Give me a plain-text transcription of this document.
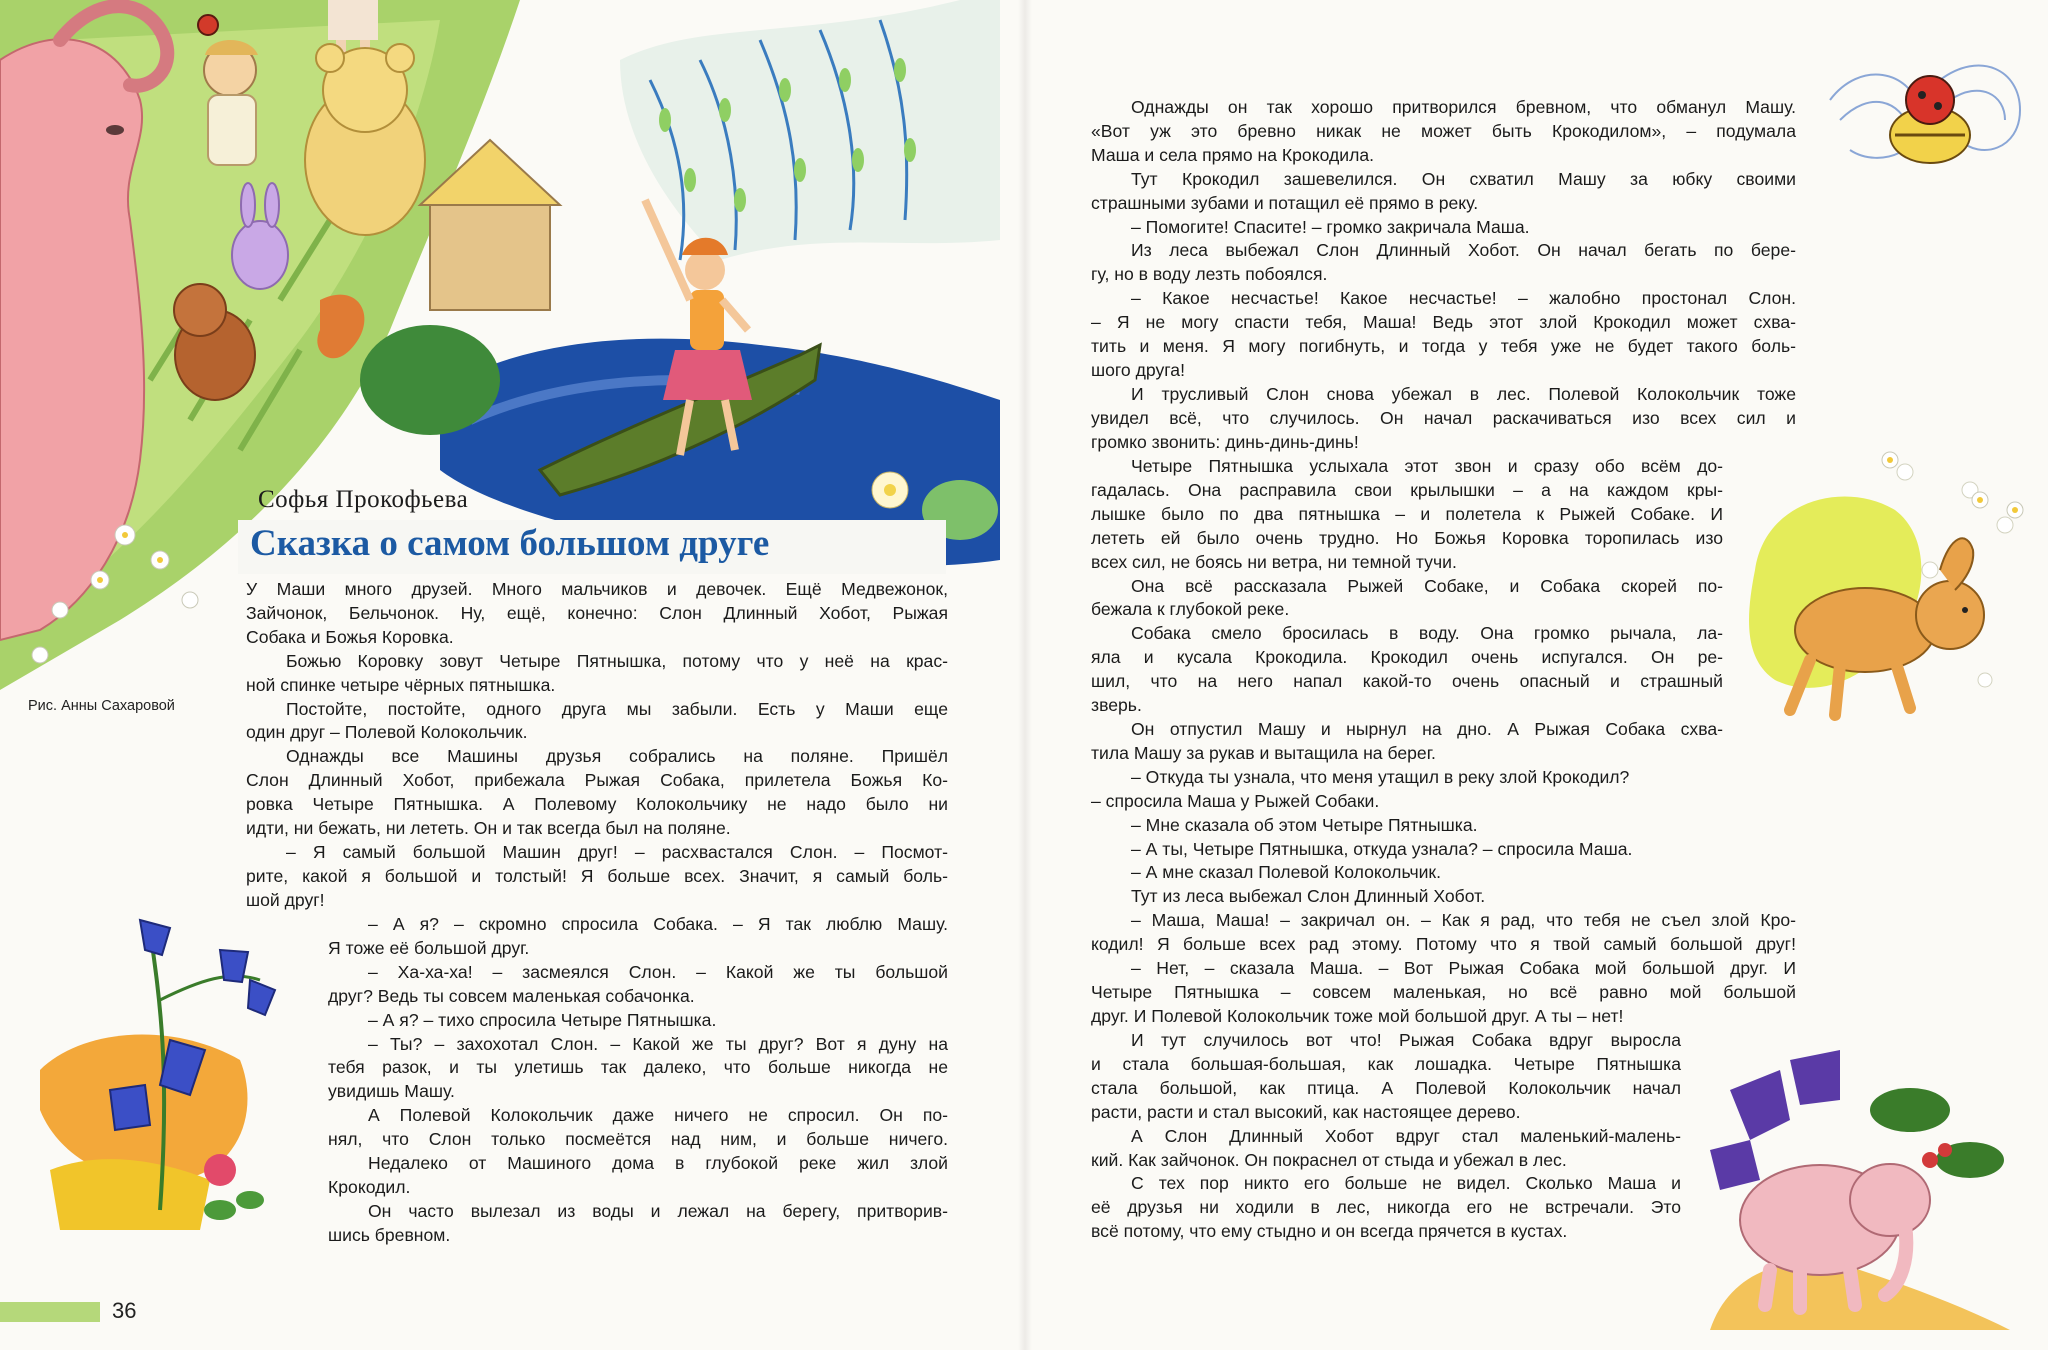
Софья Прокофьева
Сказка о самом большом друге
Рис. Анны Сахаровой

У Маши много друзей. Много мальчиков и девочек. Ещё Медвежонок,

Зайчонок, Бельчонок. Ну, ещё, конечно: Слон Длинный Хобот, Рыжая

Собака и Божья Коровка.

Божью Коровку зовут Четыре Пятнышка, потому что у неё на крас-

ной спинке четыре чёрных пятнышка.

Постойте, постойте, одного друга мы забыли. Есть у Маши еще

один друг – Полевой Колокольчик.

Однажды все Машины друзья собрались на поляне. Пришёл

Слон Длинный Хобот, прибежала Рыжая Собака, прилетела Божья Ко-

ровка Четыре Пятнышка. А Полевому Колокольчику не надо было ни

идти, ни бежать, ни лететь. Он и так всегда был на поляне.

– Я самый большой Машин друг! – расхвастался Слон. – Посмот-

рите, какой я большой и толстый! Я больше всех. Значит, я самый боль-

шой друг!

– А я? – скромно спросила Собака. – Я так люблю Машу.

Я тоже её большой друг.

– Ха-ха-ха! – засмеялся Слон. – Какой же ты большой

друг? Ведь ты совсем маленькая собачонка.

– А я? – тихо спросила Четыре Пятнышка.

– Ты? – захохотал Слон. – Какой же ты друг? Вот я дуну на

тебя разок, и ты улетишь так далеко, что больше никогда не

увидишь Машу.

А Полевой Колокольчик даже ничего не спросил. Он по-

нял, что Слон только посмеётся над ним, и больше ничего.

Недалеко от Машиного дома в глубокой реке жил злой

Крокодил.

Он часто вылезал из воды и лежал на берегу, притворив-

шись бревном.

Однажды он так хорошо притворился бревном, что обманул Машу.

«Вот уж это бревно никак не может быть Крокодилом», – подумала

Маша и села прямо на Крокодила.

Тут Крокодил зашевелился. Он схватил Машу за юбку своими

страшными зубами и потащил её прямо в реку.

– Помогите! Спасите! – громко закричала Маша.

Из леса выбежал Слон Длинный Хобот. Он начал бегать по бере-

гу, но в воду лезть побоялся.

– Какое несчастье! Какое несчастье! – жалобно простонал Слон.

– Я не могу спасти тебя, Маша! Ведь этот злой Крокодил может схва-

тить и меня. Я могу погибнуть, и тогда у тебя уже не будет такого боль-

шого друга!

И трусливый Слон снова убежал в лес. Полевой Колокольчик тоже

увидел всё, что случилось. Он начал раскачиваться изо всех сил и

громко звонить: динь-динь-динь!

Четыре Пятнышка услыхала этот звон и сразу обо всём до-

гадалась. Она расправила свои крылышки – а на каждом кры-

лышке было по два пятнышка – и полетела к Рыжей Собаке. И

лететь ей было очень трудно. Но Божья Коровка торопилась изо

всех сил, не боясь ни ветра, ни темной тучи.

Она всё рассказала Рыжей Собаке, и Собака скорей по-

бежала к глубокой реке.

Собака смело бросилась в воду. Она громко рычала, ла-

яла и кусала Крокодила. Крокодил очень испугался. Он ре-

шил, что на него напал какой-то очень опасный и страшный

зверь.

Он отпустил Машу и нырнул на дно. А Рыжая Собака схва-

тила Машу за рукав и вытащила на берег.

– Откуда ты узнала, что меня утащил в реку злой Крокодил?

– спросила Маша у Рыжей Собаки.

– Мне сказала об этом Четыре Пятнышка.

– А ты, Четыре Пятнышка, откуда узнала? – спросила Маша.

– А мне сказал Полевой Колокольчик.

Тут из леса выбежал Слон Длинный Хобот.

– Маша, Маша! – закричал он. – Как я рад, что тебя не съел злой Кро-

кодил! Я больше всех рад этому. Потому что я твой самый большой друг!

– Нет, – сказала Маша. – Вот Рыжая Собака мой большой друг. И

Четыре Пятнышка – совсем маленькая, но всё равно мой большой

друг. И Полевой Колокольчик тоже мой большой друг. А ты – нет!

И тут случилось вот что! Рыжая Собака вдруг выросла

и стала большая-большая, как лошадка. Четыре Пятнышка

стала большой, как птица. А Полевой Колокольчик начал

расти, расти и стал высокий, как настоящее дерево.

А Слон Длинный Хобот вдруг стал маленький-малень-

кий. Как зайчонок. Он покраснел от стыда и убежал в лес.

С тех пор никто его больше не видел. Сколько Маша и

её друзья ни ходили в лес, никогда его не встречали. Это

всё потому, что ему стыдно и он всегда прячется в кустах.

36
